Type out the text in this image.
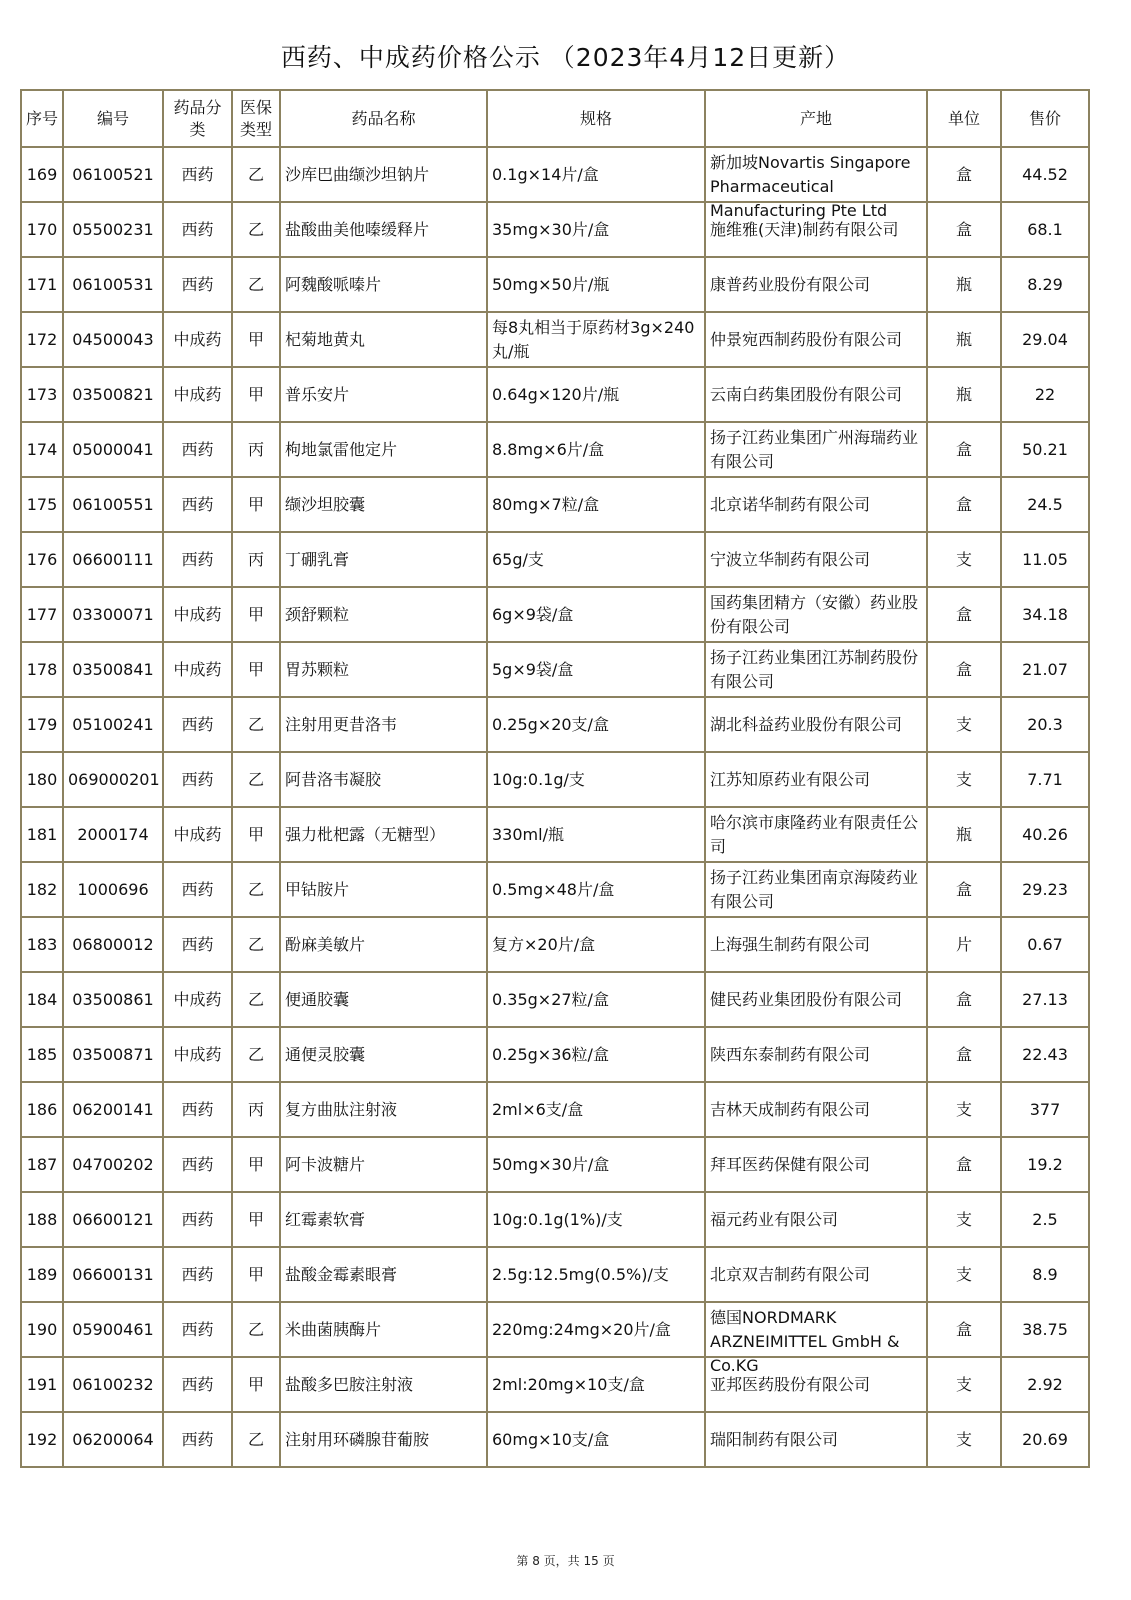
西药、中成药价格公示 （2023年4月12日更新）
序号	编号	药品分类	医保类型	药品名称	规格	产地	单位	售价
169	06100521	西药	乙	沙库巴曲缬沙坦钠片	0.1g×14片/盒	新加坡Novartis Singapore Pharmaceutical Manufacturing Pte Ltd	盒	44.52
170	05500231	西药	乙	盐酸曲美他嗪缓释片	35mg×30片/盒	施维雅(天津)制药有限公司	盒	68.1
171	06100531	西药	乙	阿魏酸哌嗪片	50mg×50片/瓶	康普药业股份有限公司	瓶	8.29
172	04500043	中成药	甲	杞菊地黄丸	每8丸相当于原药材3g×240丸/瓶	仲景宛西制药股份有限公司	瓶	29.04
173	03500821	中成药	甲	普乐安片	0.64g×120片/瓶	云南白药集团股份有限公司	瓶	22
174	05000041	西药	丙	枸地氯雷他定片	8.8mg×6片/盒	扬子江药业集团广州海瑞药业有限公司	盒	50.21
175	06100551	西药	甲	缬沙坦胶囊	80mg×7粒/盒	北京诺华制药有限公司	盒	24.5
176	06600111	西药	丙	丁硼乳膏	65g/支	宁波立华制药有限公司	支	11.05
177	03300071	中成药	甲	颈舒颗粒	6g×9袋/盒	国药集团精方（安徽）药业股份有限公司	盒	34.18
178	03500841	中成药	甲	胃苏颗粒	5g×9袋/盒	扬子江药业集团江苏制药股份有限公司	盒	21.07
179	05100241	西药	乙	注射用更昔洛韦	0.25g×20支/盒	湖北科益药业股份有限公司	支	20.3
180	069000201	西药	乙	阿昔洛韦凝胶	10g:0.1g/支	江苏知原药业有限公司	支	7.71
181	2000174	中成药	甲	强力枇杷露（无糖型）	330ml/瓶	哈尔滨市康隆药业有限责任公司	瓶	40.26
182	1000696	西药	乙	甲钴胺片	0.5mg×48片/盒	扬子江药业集团南京海陵药业有限公司	盒	29.23
183	06800012	西药	乙	酚麻美敏片	复方×20片/盒	上海强生制药有限公司	片	0.67
184	03500861	中成药	乙	便通胶囊	0.35g×27粒/盒	健民药业集团股份有限公司	盒	27.13
185	03500871	中成药	乙	通便灵胶囊	0.25g×36粒/盒	陕西东泰制药有限公司	盒	22.43
186	06200141	西药	丙	复方曲肽注射液	2ml×6支/盒	吉林天成制药有限公司	支	377
187	04700202	西药	甲	阿卡波糖片	50mg×30片/盒	拜耳医药保健有限公司	盒	19.2
188	06600121	西药	甲	红霉素软膏	10g:0.1g(1%)/支	福元药业有限公司	支	2.5
189	06600131	西药	甲	盐酸金霉素眼膏	2.5g:12.5mg(0.5%)/支	北京双吉制药有限公司	支	8.9
190	05900461	西药	乙	米曲菌胰酶片	220mg:24mg×20片/盒	德国NORDMARK ARZNEIMITTEL GmbH & Co.KG	盒	38.75
191	06100232	西药	甲	盐酸多巴胺注射液	2ml:20mg×10支/盒	亚邦医药股份有限公司	支	2.92
192	06200064	西药	乙	注射用环磷腺苷葡胺	60mg×10支/盒	瑞阳制药有限公司	支	20.69
第 8 页，共 15 页
